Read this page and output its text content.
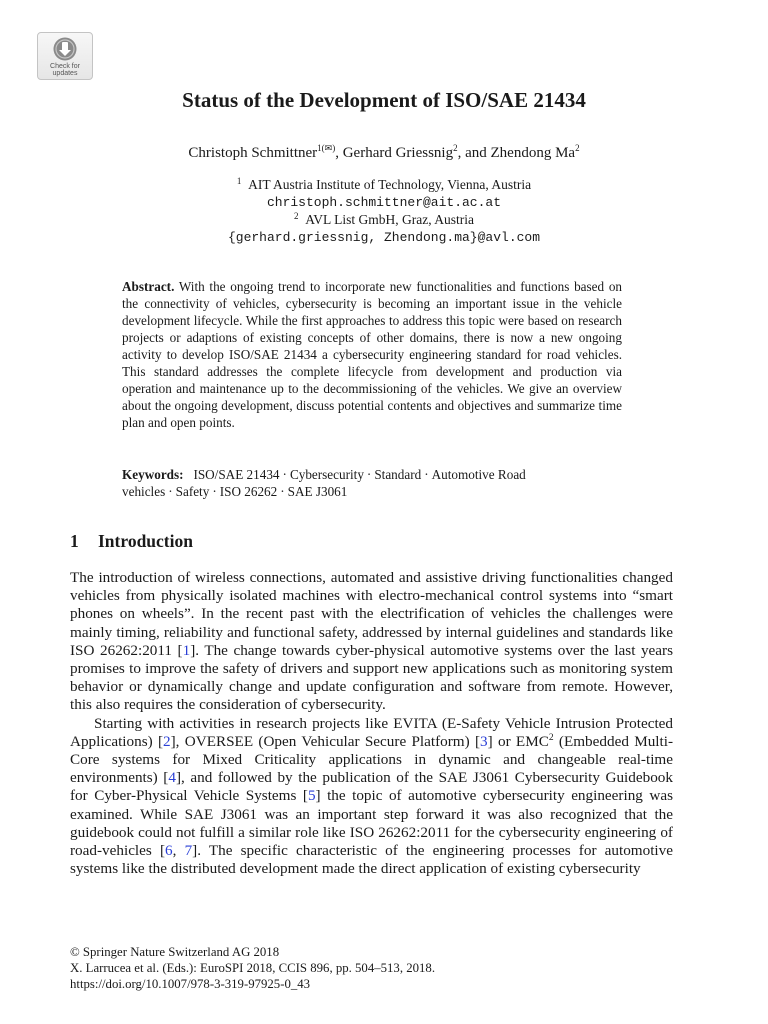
Check for
updates
Status of the Development of ISO/SAE 21434

Christoph Schmittner$^{1(✉)}$, Gerhard Griessnig$^2$, and Zhendong Ma$^2$

$^1$ AIT Austria Institute of Technology, Vienna, Austria
christoph.schmittner@ait.ac.at
$^2$ AVL List GmbH, Graz, Austria
{gerhard.griessnig, Zhendong.ma}@avl.com

Abstract. With the ongoing trend to incorporate new functionalities and functions based on the connectivity of vehicles, cybersecurity is becoming an important issue in the vehicle development lifecycle. While the first approaches to address this topic were based on research projects or adaptions of existing concepts of other domains, there is now a new ongoing activity to develop ISO/SAE 21434 a cybersecurity engineering standard for road vehicles. This standard addresses the complete lifecycle from development and production via operation and maintenance up to the decommissioning of the vehicles. We give an overview about the ongoing development, discuss potential contents and objectives and summarize time plan and open points.

Keywords: ISO/SAE 21434 · Cybersecurity · Standard · Automotive Road vehicles · Safety · ISO 26262 · SAE J3061

1 Introduction

The introduction of wireless connections, automated and assistive driving functionalities changed vehicles from physically isolated machines with electro-mechanical control systems into “smart phones on wheels”. In the recent past with the electrification of vehicles the challenges were mainly timing, reliability and functional safety, addressed by internal guidelines and standards like ISO 26262:2011 [1]. The change towards cyber-physical automotive systems over the last years promises to improve the safety of drivers and support new applications such as monitoring system behavior or dynamically change and update configuration and software from remote. However, this also requires the consideration of cybersecurity.

Starting with activities in research projects like EVITA (E-Safety Vehicle Intrusion Protected Applications) [2], OVERSEE (Open Vehicular Secure Platform) [3] or EMC$^2$ (Embedded Multi-Core systems for Mixed Criticality applications in dynamic and changeable real-time environments) [4], and followed by the publication of the SAE J3061 Cybersecurity Guidebook for Cyber-Physical Vehicle Systems [5] the topic of automotive cybersecurity engineering was examined. While SAE J3061 was an important step forward it was also recognized that the guidebook could not fulfill a similar role like ISO 26262:2011 for the cybersecurity engineering of road-vehicles [6, 7]. The specific characteristic of the engineering processes for automotive systems like the distributed development made the direct application of existing cybersecurity

© Springer Nature Switzerland AG 2018
X. Larrucea et al. (Eds.): EuroSPI 2018, CCIS 896, pp. 504–513, 2018.
https://doi.org/10.1007/978-3-319-97925-0_43
